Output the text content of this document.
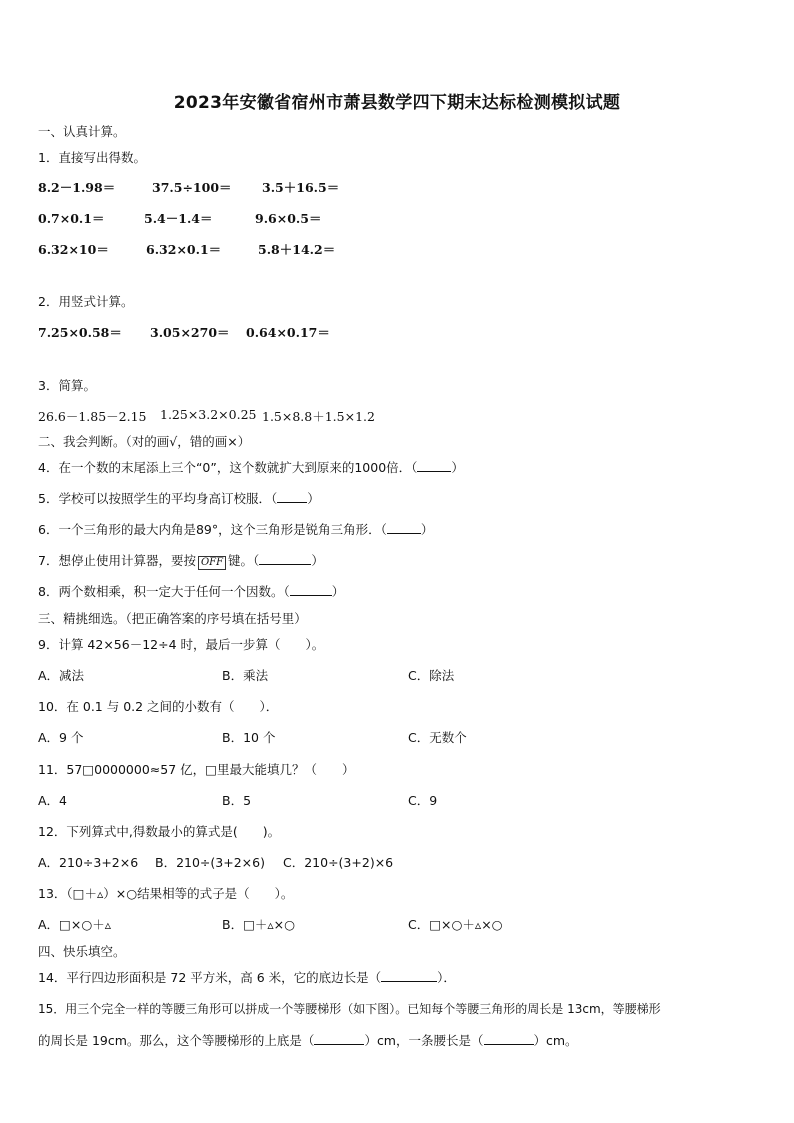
2023年安徽省宿州市萧县数学四下期末达标检测模拟试题
一、认真计算。
1．直接写出得数。
8.2－1.98＝	37.5÷100＝ 3.5＋16.5＝
0.7×0.1＝	5.4－1.4＝	9.6×0.5＝
6.32×10＝	6.32×0.1＝	5.8＋14.2＝
2．用竖式计算。
7.25×0.58＝ 3.05×270＝ 0.64×0.17＝
3．简算。
26.6－1.85－2.15 1.25×3.2×0.25 1.5×8.8＋1.5×1.2
二、我会判断。（对的画√，错的画×）
4．在一个数的末尾添上三个“0”，这个数就扩大到原来的1000倍．（	）
5．学校可以按照学生的平均身高订校服．（ ）
6．一个三角形的最大内角是89°，这个三角形是锐角三角形．（	）
7．想停止使用计算器，要按 OFF 键。（	）
8．两个数相乘，积一定大于任何一个因数。（	）
三、精挑细选。（把正确答案的序号填在括号里）
9．计算 42×56－12÷4 时，最后一步算（　　）。
A．减法	B．乘法	C．除法
10．在 0.1 与 0.2 之间的小数有（　　）．
A．9 个	B．10 个	C．无数个
11．57□0000000≈57 亿，□里最大能填几？（　　）
A．4	B．5	C．9
12．下列算式中,得数最小的算式是(　　)。
A．210÷3+2×6 B．210÷(3+2×6) C．210÷(3+2)×6
13．（□＋▵）×○结果相等的式子是（　　）。
A．□×○＋▵	B．□＋▵×○	C．□×○＋▵×○
四、快乐填空。
14．平行四边形面积是 72 平方米，高 6 米，它的底边长是（	）．
15．用三个完全一样的等腰三角形可以拼成一个等腰梯形（如下图）。已知每个等腰三角形的周长是 13cm，等腰梯形
的周长是 19cm。那么，这个等腰梯形的上底是（	）cm，一条腰长是（	）cm。
